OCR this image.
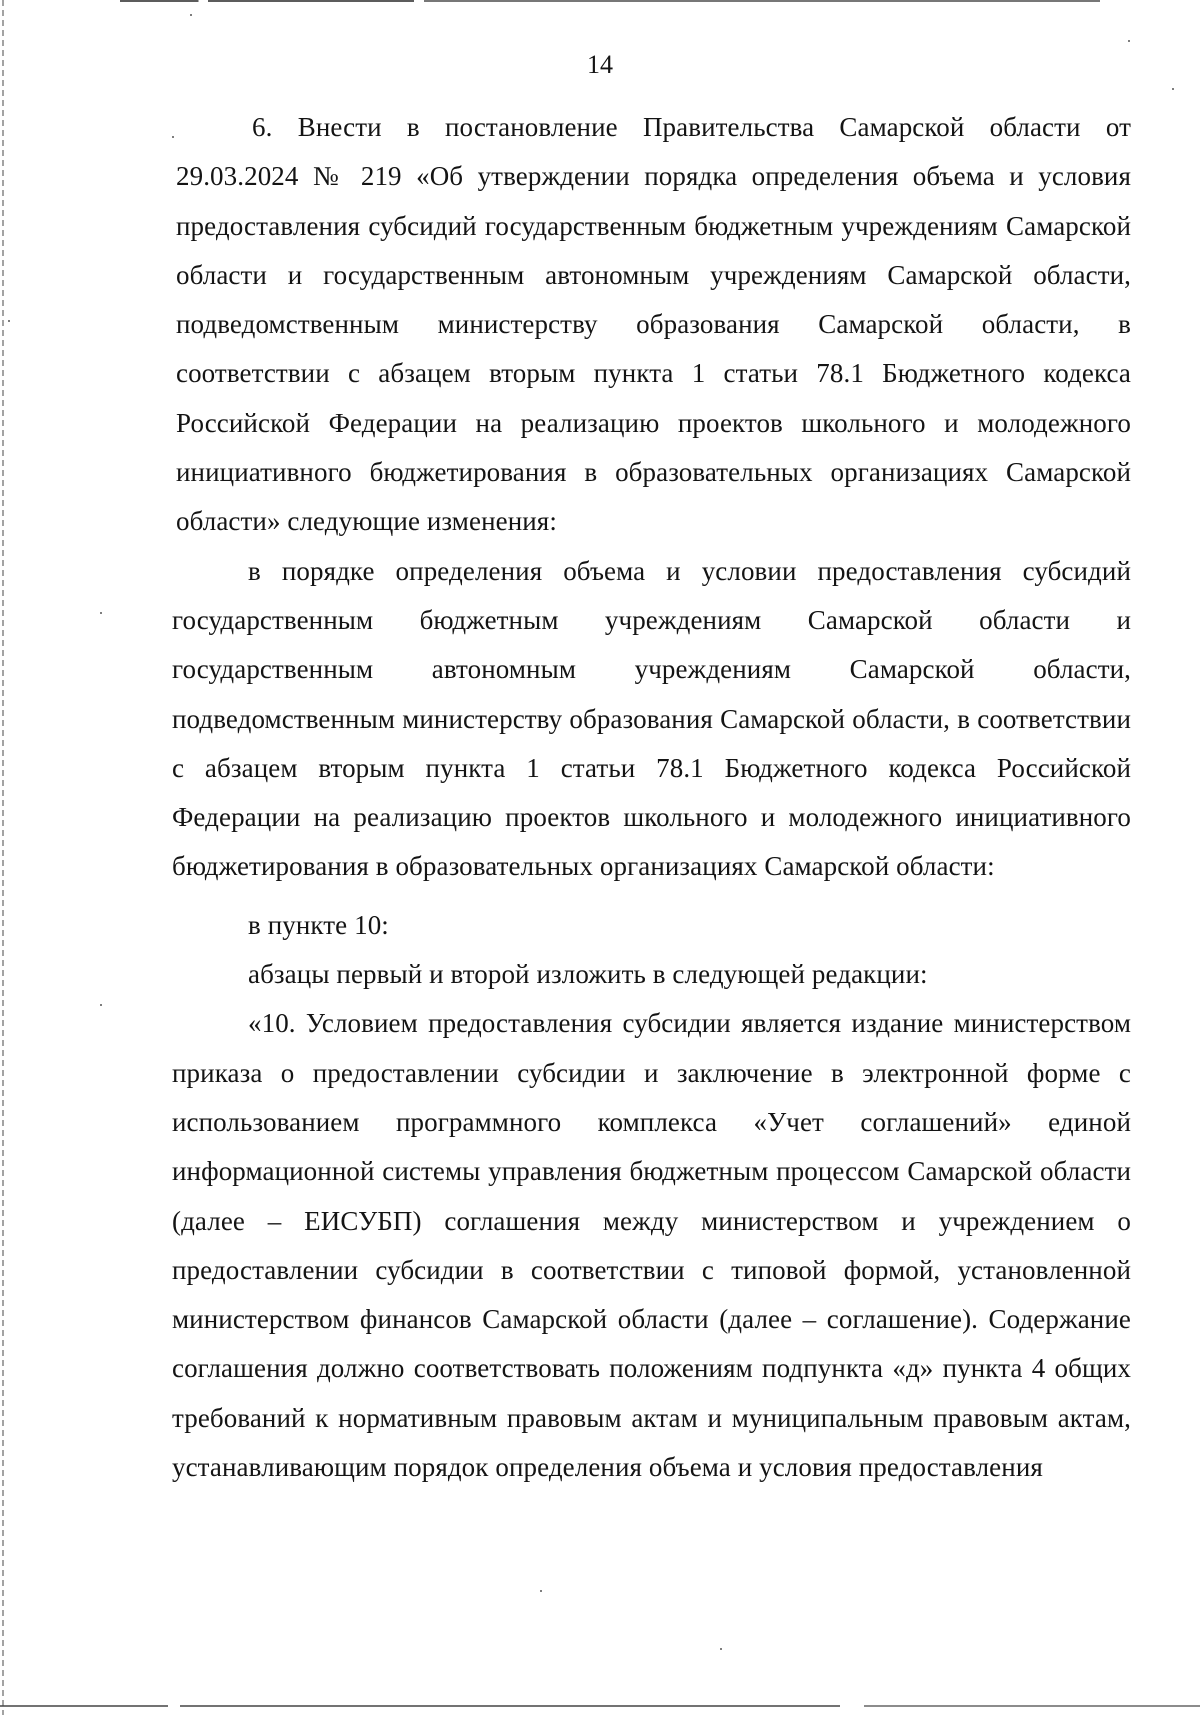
14

6. Внести в постановление Правительства Самарской области от 29.03.2024 № 219 «Об утверждении порядка определения объема и условия предоставления субсидий государственным бюджетным учреждениям Самарской области и государственным автономным учреждениям Самарской области, подведомственным министерству образования Самарской области, в соответствии с абзацем вторым пункта 1 статьи 78.1 Бюджетного кодекса Российской Федерации на реализацию проектов школьного и молодежного инициативного бюджетирования в образовательных организациях Самарской области» следующие изменения:

в порядке определения объема и условии предоставления субсидий государственным бюджетным учреждениям Самарской области и государственным автономным учреждениям Самарской области, подведомственным министерству образования Самарской области, в соответствии с абзацем вторым пункта 1 статьи 78.1 Бюджетного кодекса Российской Федерации на реализацию проектов школьного и молодежного инициативного бюджетирования в образовательных организациях Самарской области:

в пункте 10:

абзацы первый и второй изложить в следующей редакции:

«10. Условием предоставления субсидии является издание министерством приказа о предоставлении субсидии и заключение в электронной форме с использованием программного комплекса «Учет соглашений» единой информационной системы управления бюджетным процессом Самарской области (далее – ЕИСУБП) соглашения между министерством и учреждением о предоставлении субсидии в соответствии с типовой формой, установленной министерством финансов Самарской области (далее – соглашение). Содержание соглашения должно соответствовать положениям подпункта «д» пункта 4 общих требований к нормативным правовым актам и муниципальным правовым актам, устанавливающим порядок определения объема и условия предоставления
